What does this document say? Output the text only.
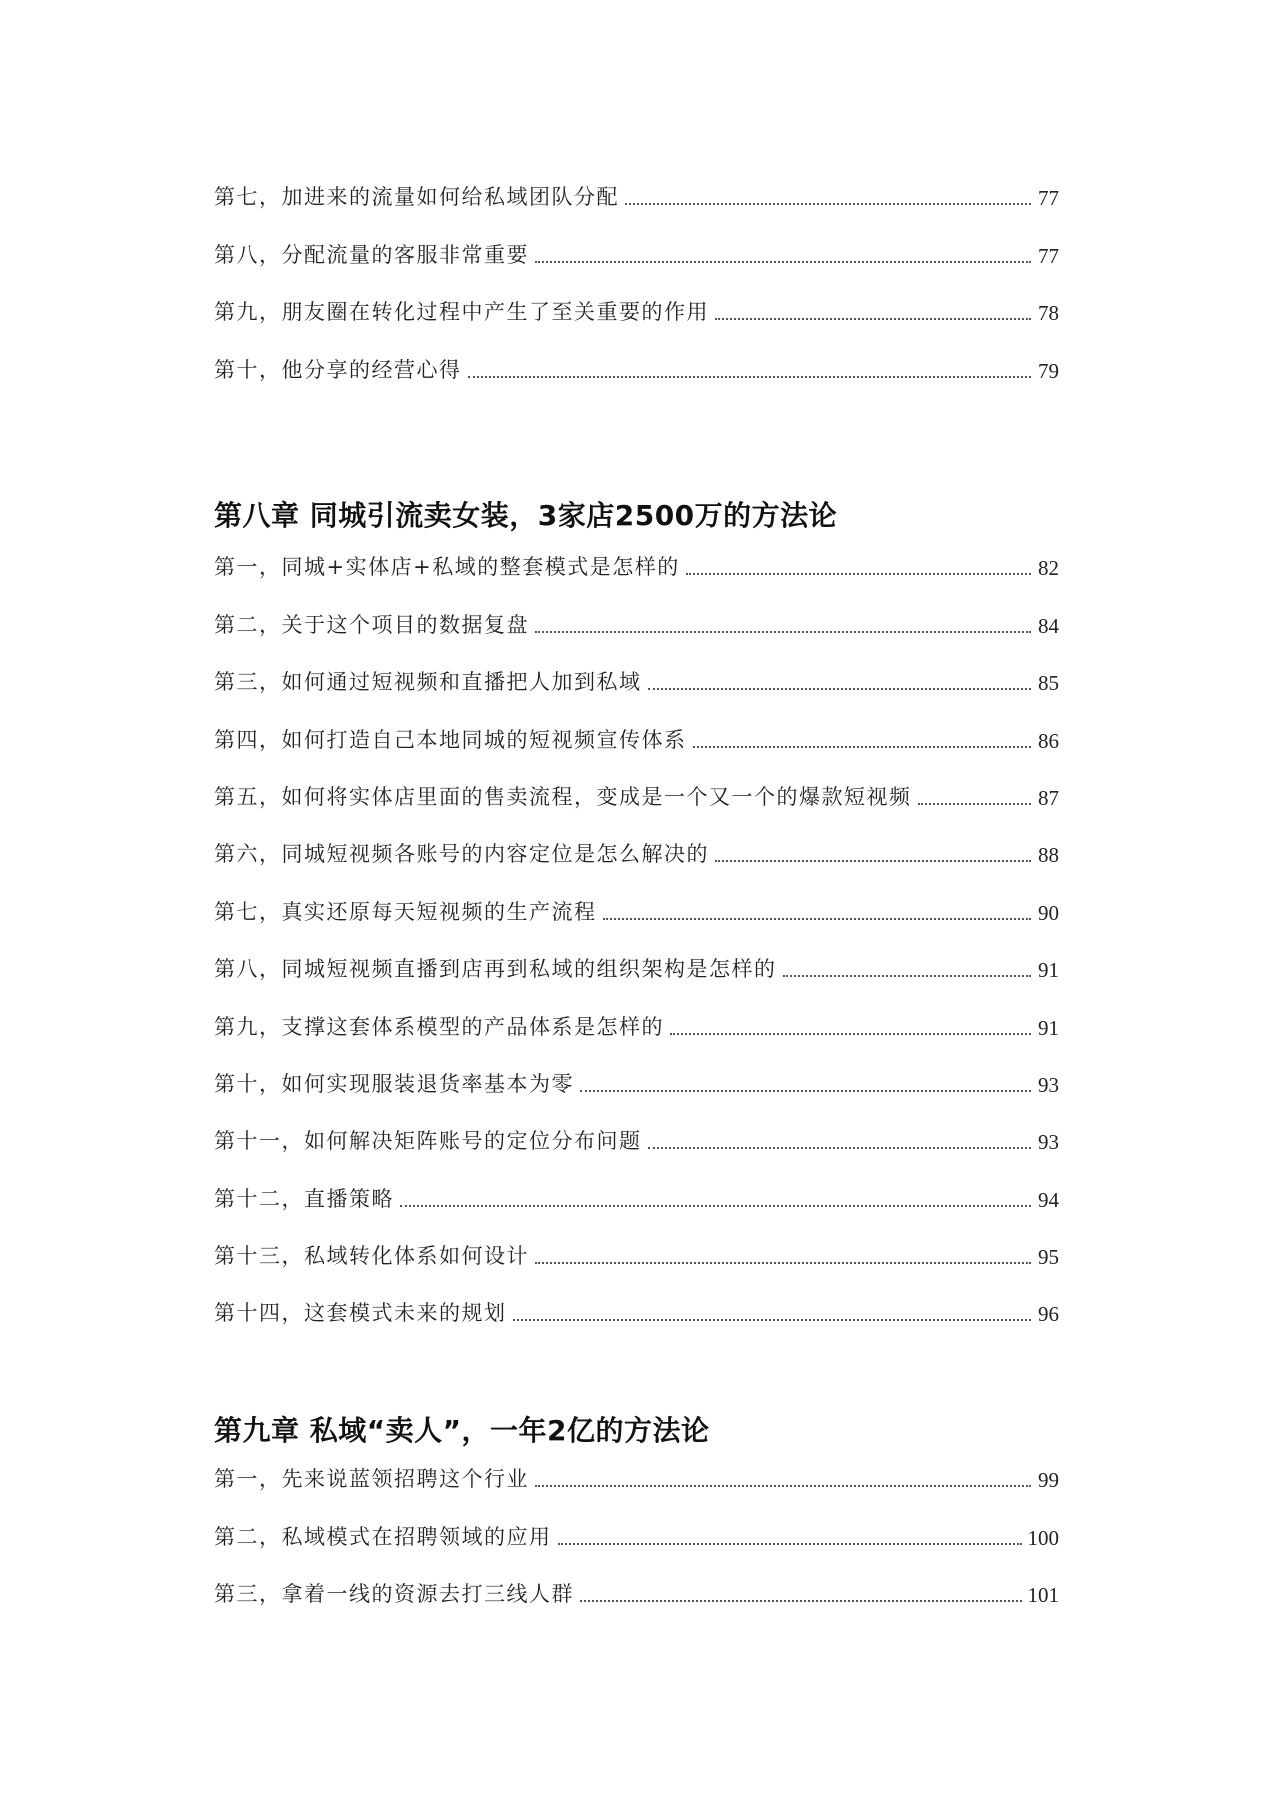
第七，加进来的流量如何给私域团队分配	77
第八，分配流量的客服非常重要	77
第九，朋友圈在转化过程中产生了至关重要的作用	78
第十，他分享的经营心得	79
第八章 同城引流卖女装，3家店2500万的方法论
第一，同城+实体店+私域的整套模式是怎样的	82
第二，关于这个项目的数据复盘	84
第三，如何通过短视频和直播把人加到私域	85
第四，如何打造自己本地同城的短视频宣传体系	86
第五，如何将实体店里面的售卖流程，变成是一个又一个的爆款短视频	87
第六，同城短视频各账号的内容定位是怎么解决的	88
第七，真实还原每天短视频的生产流程	90
第八，同城短视频直播到店再到私域的组织架构是怎样的	91
第九，支撑这套体系模型的产品体系是怎样的	91
第十，如何实现服装退货率基本为零	93
第十一，如何解决矩阵账号的定位分布问题	93
第十二，直播策略	94
第十三，私域转化体系如何设计	95
第十四，这套模式未来的规划	96
第九章 私域“卖人”，一年2亿的方法论
第一，先来说蓝领招聘这个行业	99
第二，私域模式在招聘领域的应用	100
第三，拿着一线的资源去打三线人群	101
